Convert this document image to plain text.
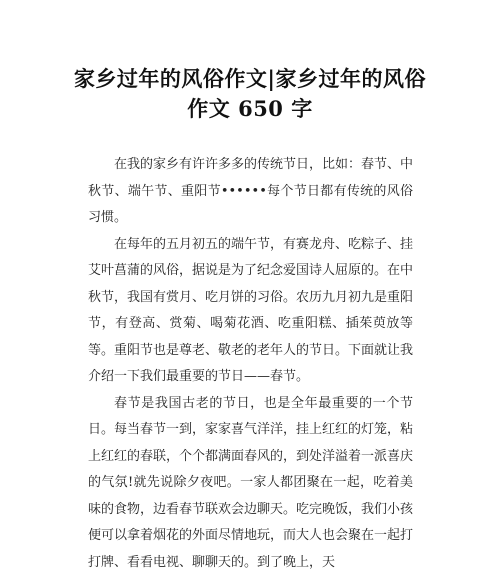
家乡过年的风俗作文|家乡过年的风俗作文 650 字

在我的家乡有许许多多的传统节日，比如：春节、中秋节、端午节、重阳节••••••每个节日都有传统的风俗习惯。

在每年的五月初五的端午节，有赛龙舟、吃粽子、挂艾叶菖蒲的风俗，据说是为了纪念爱国诗人屈原的。在中秋节，我国有赏月、吃月饼的习俗。农历九月初九是重阳节，有登高、赏菊、喝菊花酒、吃重阳糕、插茱萸放等等。重阳节也是尊老、敬老的老年人的节日。下面就让我介绍一下我们最重要的节日——春节。

春节是我国古老的节日，也是全年最重要的一个节日。每当春节一到，家家喜气洋洋，挂上红红的灯笼，粘上红红的春联，个个都满面春风的，到处洋溢着一派喜庆的气氛!就先说除夕夜吧。一家人都团聚在一起，吃着美味的食物，边看春节联欢会边聊天。吃完晚饭，我们小孩便可以拿着烟花的外面尽情地玩，而大人也会聚在一起打打牌、看看电视、聊聊天的。到了晚上，天
